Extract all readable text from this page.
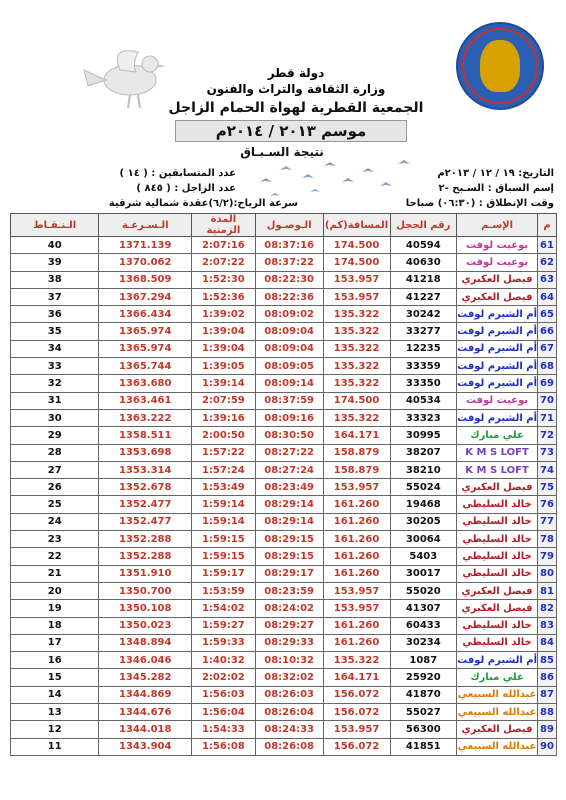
دولة قطر
وزارة الثقافة والتراث والفنون
الجمعية القطرية لهواة الحمام الزاجل
موسم ٢٠١٣ / ٢٠١٤م
نتيجة السـبـاق
التاريخ: ١٩ / ١٢ / ٢٠١٣م
إسم السباق : السـبح -٢
وقت الإنطلاق : (٠٦:٣٠) صباحا
عدد المتسابقين : ( ١٤ )
عدد الزاجل : ( ٨٤٥ )
سرعة الرياح:(٦/٢)عقدة شمالية شرقية
الـنـقـاط	الـسـرعـة	المدة الزمنية	الـوصـول	المسافة(كم)	رقم الحجل	الإسـم	م
40	1371.139	2:07:16	08:37:16	174.500	40594	بوعيت لوفت	61
39	1370.062	2:07:22	08:37:22	174.500	40630	بوعيت لوفت	62
38	1368.509	1:52:30	08:22:30	153.957	41218	فيصل العكبري	63
37	1367.294	1:52:36	08:22:36	153.957	41227	فيصل العكبري	64
36	1366.434	1:39:02	08:09:02	135.322	30242	أم الشبرم لوفت	65
35	1365.974	1:39:04	08:09:04	135.322	33277	أم الشبرم لوفت	66
34	1365.974	1:39:04	08:09:04	135.322	12235	أم الشبرم لوفت	67
33	1365.744	1:39:05	08:09:05	135.322	33359	أم الشبرم لوفت	68
32	1363.680	1:39:14	08:09:14	135.322	33350	أم الشبرم لوفت	69
31	1363.461	2:07:59	08:37:59	174.500	40534	بوعيت لوفت	70
30	1363.222	1:39:16	08:09:16	135.322	33323	أم الشبرم لوفت	71
29	1358.511	2:00:50	08:30:50	164.171	30995	علي مبارك	72
28	1353.698	1:57:22	08:27:22	158.879	38207	K M S LOFT	73
27	1353.314	1:57:24	08:27:24	158.879	38210	K M S LOFT	74
26	1352.678	1:53:49	08:23:49	153.957	55024	فيصل العكبري	75
25	1352.477	1:59:14	08:29:14	161.260	19468	خالد السليطي	76
24	1352.477	1:59:14	08:29:14	161.260	30205	خالد السليطي	77
23	1352.288	1:59:15	08:29:15	161.260	30064	خالد السليطي	78
22	1352.288	1:59:15	08:29:15	161.260	5403	خالد السليطي	79
21	1351.910	1:59:17	08:29:17	161.260	30017	خالد السليطي	80
20	1350.700	1:53:59	08:23:59	153.957	55020	فيصل العكبري	81
19	1350.108	1:54:02	08:24:02	153.957	41307	فيصل العكبري	82
18	1350.023	1:59:27	08:29:27	161.260	60433	خالد السليطي	83
17	1348.894	1:59:33	08:29:33	161.260	30234	خالد السليطي	84
16	1346.046	1:40:32	08:10:32	135.322	1087	أم الشبرم لوفت	85
15	1345.282	2:02:02	08:32:02	164.171	25920	علي مبارك	86
14	1344.869	1:56:03	08:26:03	156.072	41870	عبدالله السبيعي	87
13	1344.676	1:56:04	08:26:04	156.072	55027	عبدالله السبيعي	88
12	1344.018	1:54:33	08:24:33	153.957	56300	فيصل العكبري	89
11	1343.904	1:56:08	08:26:08	156.072	41851	عبدالله السبيعي	90
